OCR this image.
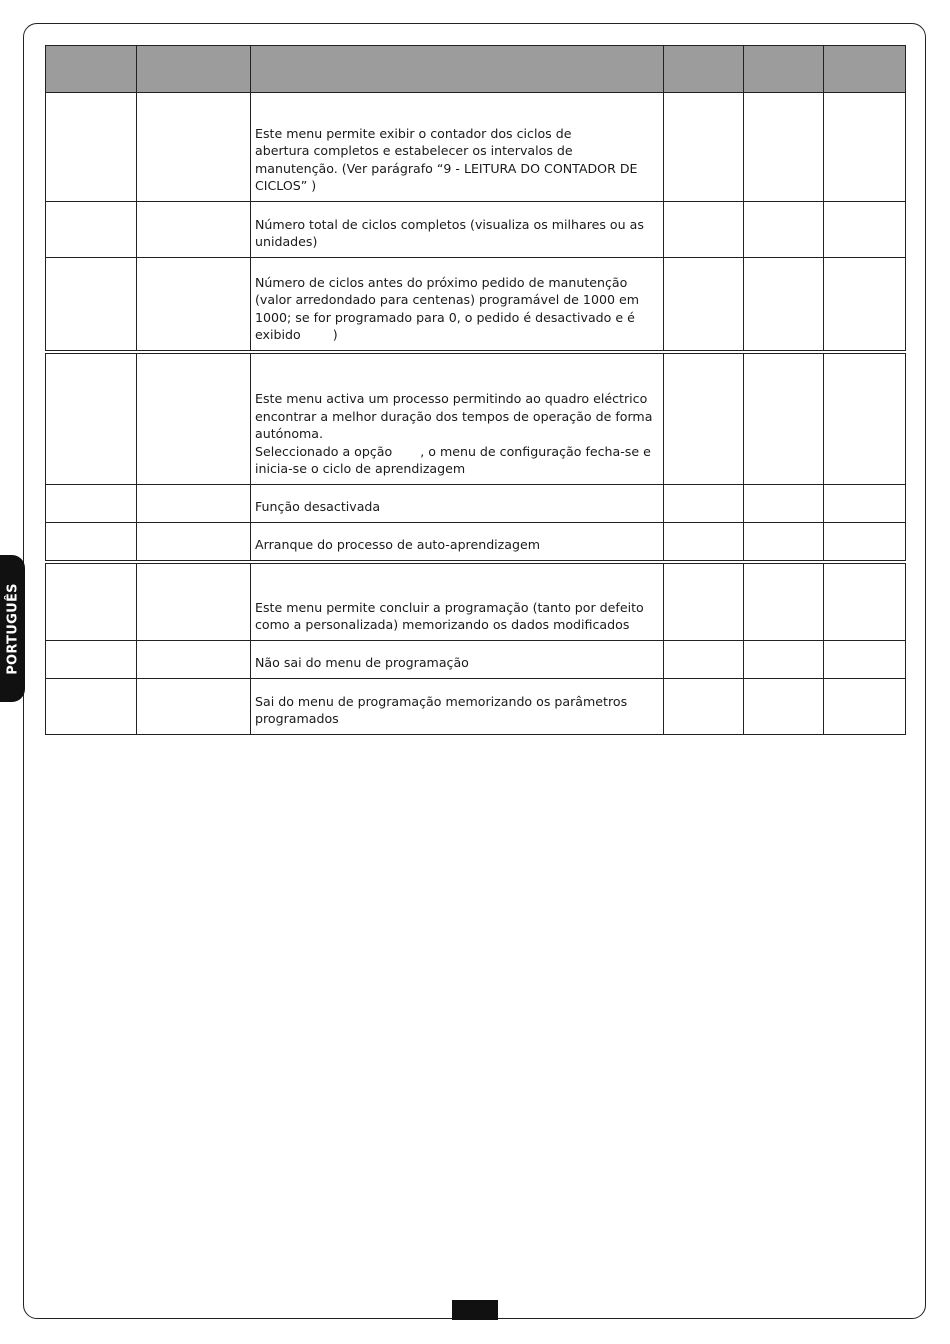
PORTUGUÊS

		Este menu permite exibir o contador dos ciclos de
abertura completos e estabelecer os intervalos de
manutenção. (Ver parágrafo “9 - LEITURA DO CONTADOR DE
CICLOS” )			

		Número total de ciclos completos (visualiza os milhares ou as
unidades)			

		Número de ciclos antes do próximo pedido de manutenção
(valor arredondado para centenas) programável de 1000 em
1000; se for programado para 0, o pedido é desactivado e é
exibido        )			

		Este menu activa um processo permitindo ao quadro eléctrico
encontrar a melhor duração dos tempos de operação de forma
autónoma.
Seleccionado a opção       , o menu de configuração fecha-se e
inicia-se o ciclo de aprendizagem			

		Função desactivada			

		Arranque do processo de auto-aprendizagem			

		Este menu permite concluir a programação (tanto por defeito
como a personalizada) memorizando os dados modificados			

		Não sai do menu de programação			

		Sai do menu de programação memorizando os parâmetros
programados			
